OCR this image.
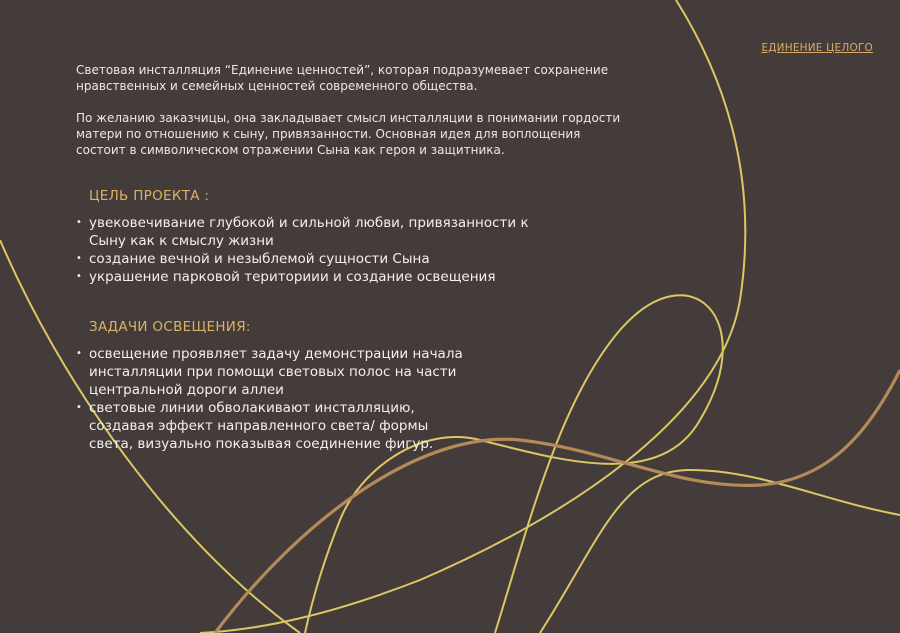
ЕДИНЕНИЕ ЦЕЛОГО

Световая инсталляция “Единение ценностей”, которая подразумевает сохранение
нравственных и семейных ценностей современного общества.

По желанию заказчицы, она закладывает смысл инсталляции в понимании гордости
матери по отношению к сыну, привязанности. Основная идея для воплощения
состоит в символическом отражении Сына как героя и защитника.

ЦЕЛЬ ПРОЕКТА :
• увековечивание глубокой и сильной любви, привязанности к
Сыну как к смыслу жизни
• создание вечной и незыблемой сущности Сына
• украшение парковой териториии и создание освещения
ЗАДАЧИ ОСВЕЩЕНИЯ:
• освещение проявляет задачу демонстрации начала
инсталляции при помощи световых полос на части
центральной дороги аллеи
• световые линии обволакивают инсталляцию,
создавая эффект направленного света/ формы
света, визуально показывая соединение фигур.
